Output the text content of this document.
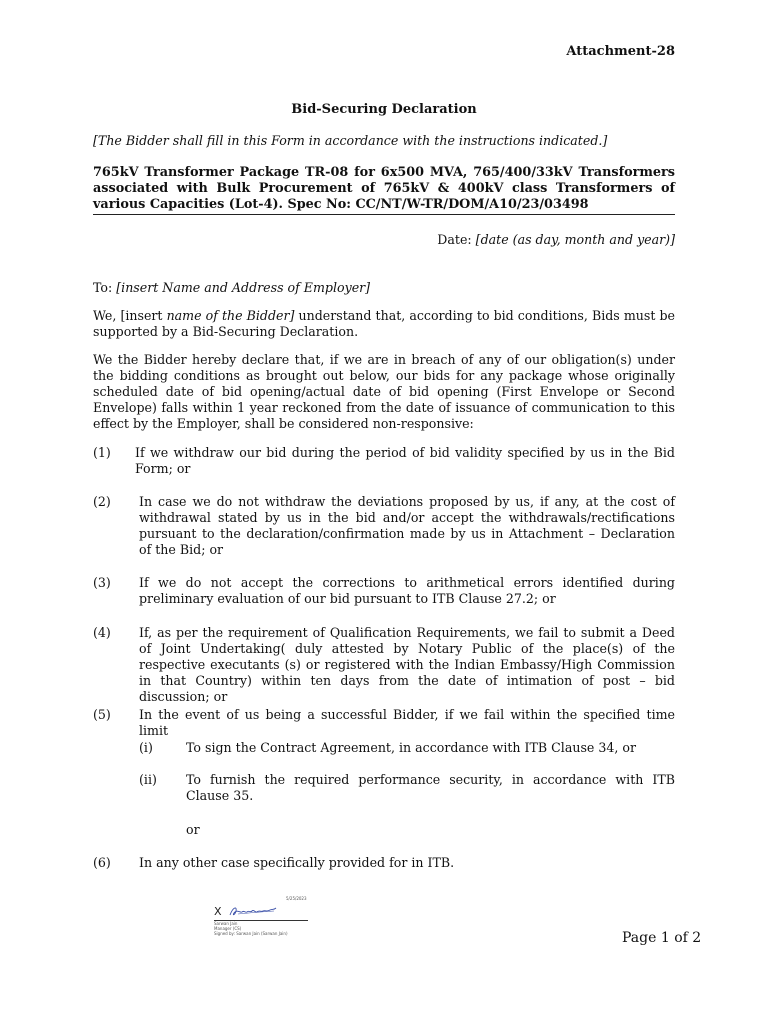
Attachment-28
Bid-Securing Declaration
[The Bidder shall fill in this Form in accordance with the instructions indicated.]
765kV Transformer Package TR-08 for 6x500 MVA, 765/400/33kV Transformers associated with Bulk Procurement of 765kV & 400kV class Transformers of various Capacities (Lot-4). Spec No: CC/NT/W-TR/DOM/A10/23/03498
Date: [date (as day, month and year)]
To: [insert Name and Address of Employer]
We, [insert name of the Bidder] understand that, according to bid conditions, Bids must be supported by a Bid-Securing Declaration.
We the Bidder hereby declare that, if we are in breach of any of our obligation(s) under the bidding conditions as brought out below, our bids for any package whose originally scheduled date of bid opening/actual date of bid opening (First Envelope or Second Envelope) falls within 1 year reckoned from the date of issuance of communication to this effect by the Employer, shall be considered non-responsive:
(1) If we withdraw our bid during the period of bid validity specified by us in the Bid Form; or
(2) In case we do not withdraw the deviations proposed by us, if any, at the cost of withdrawal stated by us in the bid and/or accept the withdrawals/rectifications pursuant to the declaration/confirmation made by us in Attachment – Declaration of the Bid; or
(3) If we do not accept the corrections to arithmetical errors identified during preliminary evaluation of our bid pursuant to ITB Clause 27.2; or
(4) If, as per the requirement of Qualification Requirements, we fail to submit a Deed of Joint Undertaking( duly attested by Notary Public of the place(s) of the respective executants (s) or registered with the Indian Embassy/High Commission in that Country) within ten days from the date of intimation of post – bid discussion; or
(5) In the event of us being a successful Bidder, if we fail within the specified time limit
(i)	To sign the Contract Agreement, in accordance with ITB Clause 34, or
(ii) To furnish the required performance security, in accordance with ITB Clause 35.
or
(6) In any other case specifically provided for in ITB.
5/25/2023
X
Sarwan Jain
Manager (CS)
Signed by: Sarwan Jain (Sarwan Jain)	Page 1 of 2
